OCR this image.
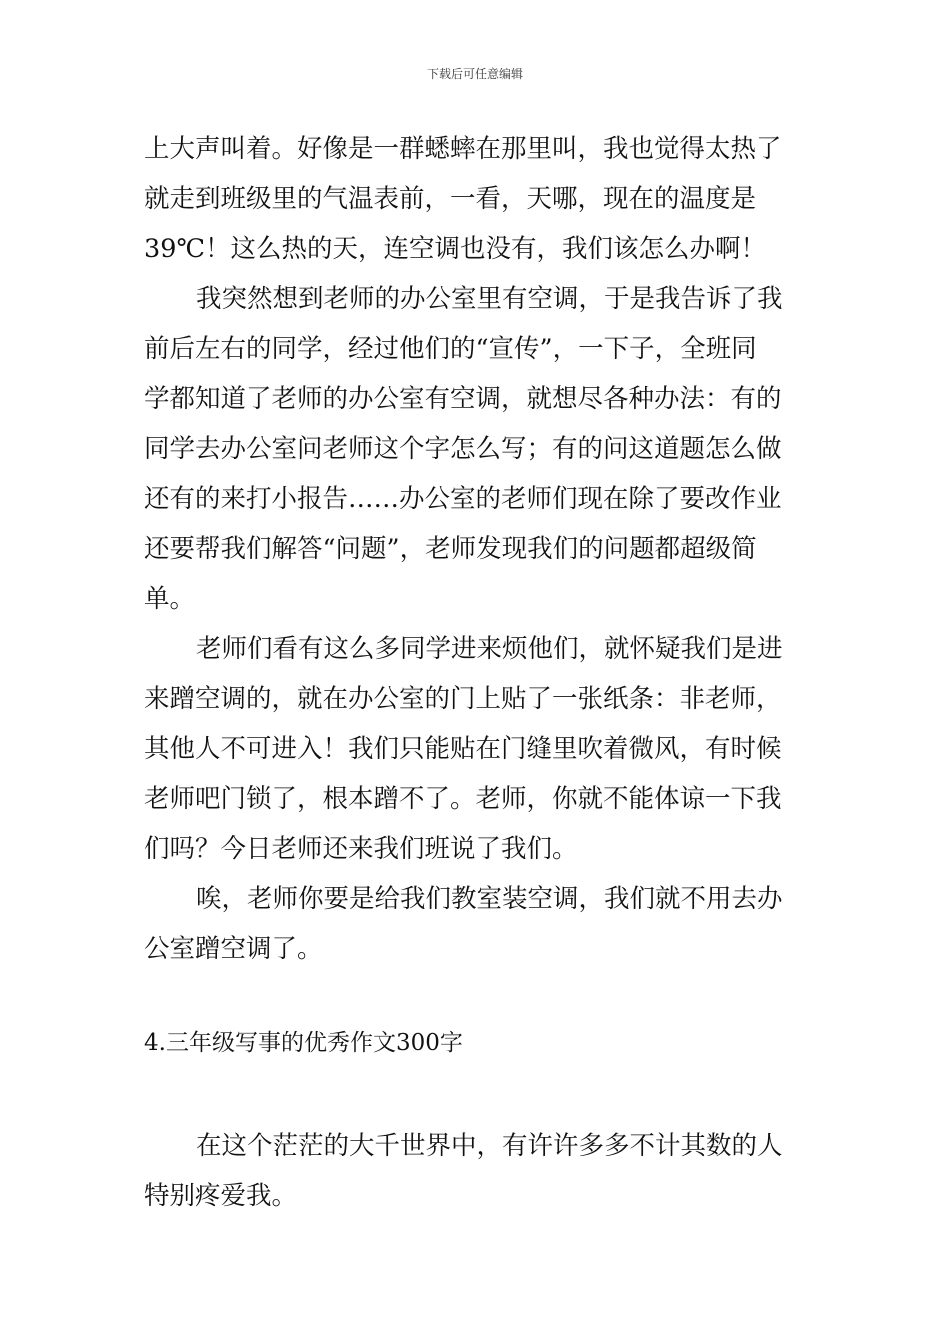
下载后可任意编辑
上大声叫着。好像是一群蟋蟀在那里叫，我也觉得太热了
就走到班级里的气温表前，一看，天哪，现在的温度是
39℃！这么热的天，连空调也没有，我们该怎么办啊！
我突然想到老师的办公室里有空调，于是我告诉了我
前后左右的同学，经过他们的“宣传”，一下子，全班同
学都知道了老师的办公室有空调，就想尽各种办法：有的
同学去办公室问老师这个字怎么写；有的问这道题怎么做
还有的来打小报告……办公室的老师们现在除了要改作业
还要帮我们解答“问题”，老师发现我们的问题都超级简
单。
老师们看有这么多同学进来烦他们，就怀疑我们是进
来蹭空调的，就在办公室的门上贴了一张纸条：非老师，
其他人不可进入！我们只能贴在门缝里吹着微风，有时候
老师吧门锁了，根本蹭不了。老师，你就不能体谅一下我
们吗？今日老师还来我们班说了我们。
唉，老师你要是给我们教室装空调，我们就不用去办
公室蹭空调了。
4.三年级写事的优秀作文300字
在这个茫茫的大千世界中，有许许多多不计其数的人
特别疼爱我。
